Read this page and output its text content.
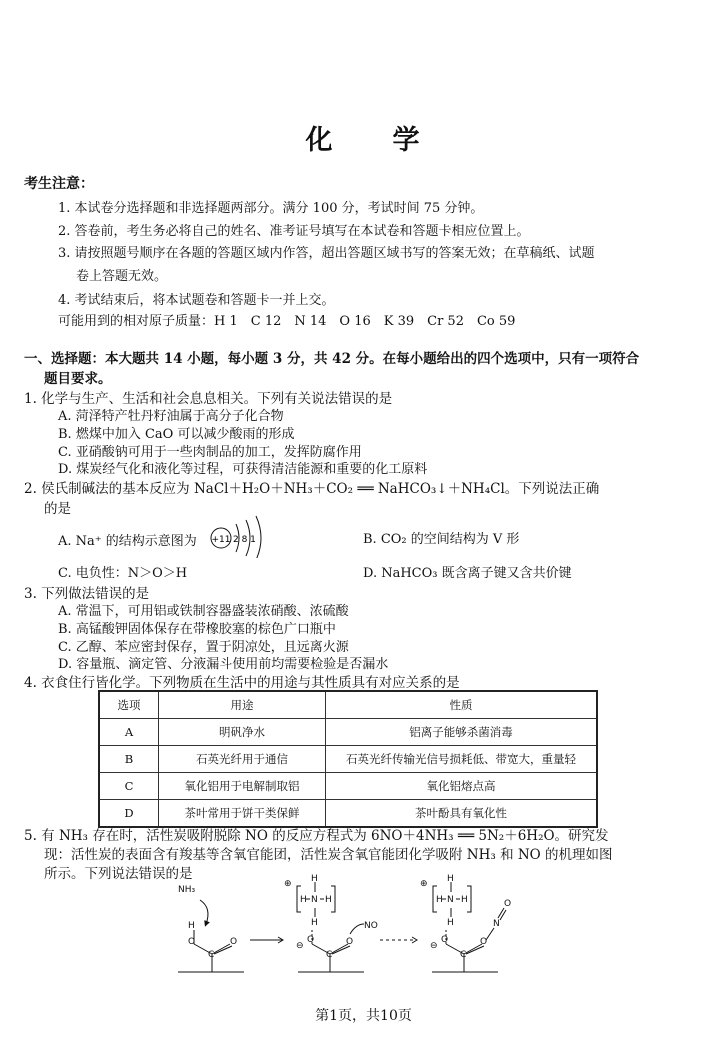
化　　学
考生注意：
1. 本试卷分选择题和非选择题两部分。满分 100 分，考试时间 75 分钟。
2. 答卷前，考生务必将自己的姓名、准考证号填写在本试卷和答题卡相应位置上。
3. 请按照题号顺序在各题的答题区域内作答，超出答题区域书写的答案无效；在草稿纸、试题
卷上答题无效。
4. 考试结束后，将本试题卷和答题卡一并上交。
可能用到的相对原子质量：H 1　C 12　N 14　O 16　K 39　Cr 52　Co 59
一、选择题：本大题共 14 小题，每小题 3 分，共 42 分。在每小题给出的四个选项中，只有一项符合
题目要求。
1. 化学与生产、生活和社会息息相关。下列有关说法错误的是
A. 菏泽特产牡丹籽油属于高分子化合物
B. 燃煤中加入 CaO 可以减少酸雨的形成
C. 亚硝酸钠可用于一些肉制品的加工，发挥防腐作用
D. 煤炭经气化和液化等过程，可获得清洁能源和重要的化工原料
2. 侯氏制碱法的基本反应为 NaCl＋H₂O＋NH₃＋CO₂ ══ NaHCO₃↓＋NH₄Cl。下列说法正确
的是
A. Na⁺ 的结构示意图为 +11 2 8 1	B. CO₂ 的空间结构为 V 形
C. 电负性：N＞O＞H	D. NaHCO₃ 既含离子键又含共价键
3. 下列做法错误的是
A. 常温下，可用铝或铁制容器盛装浓硝酸、浓硫酸
B. 高锰酸钾固体保存在带橡胶塞的棕色广口瓶中
C. 乙醇、苯应密封保存，置于阴凉处，且远离火源
D. 容量瓶、滴定管、分液漏斗使用前均需要检验是否漏水
4. 衣食住行皆化学。下列物质在生活中的用途与其性质具有对应关系的是
选项	用途	性质
A	明矾净水	铝离子能够杀菌消毒
B	石英光纤用于通信	石英光纤传输光信号损耗低、带宽大，重量轻
C	氧化铝用于电解制取铝	氧化铝熔点高
D	茶叶常用于饼干类保鲜	茶叶酚具有氧化性
5. 有 NH₃ 存在时，活性炭吸附脱除 NO 的反应方程式为 6NO＋4NH₃ ══ 5N₂＋6H₂O。研究发
现：活性炭的表面含有羧基等含氧官能团，活性炭含氧官能团化学吸附 NH₃ 和 NO 的机理如图
所示。下列说法错误的是
NH₃
H
O
C
O
⊕ H
H N H
H
⊖
O
C
O
NO
⊕ H
H N H
H
⊖
O
C
O
N
O
第1页，共10页
